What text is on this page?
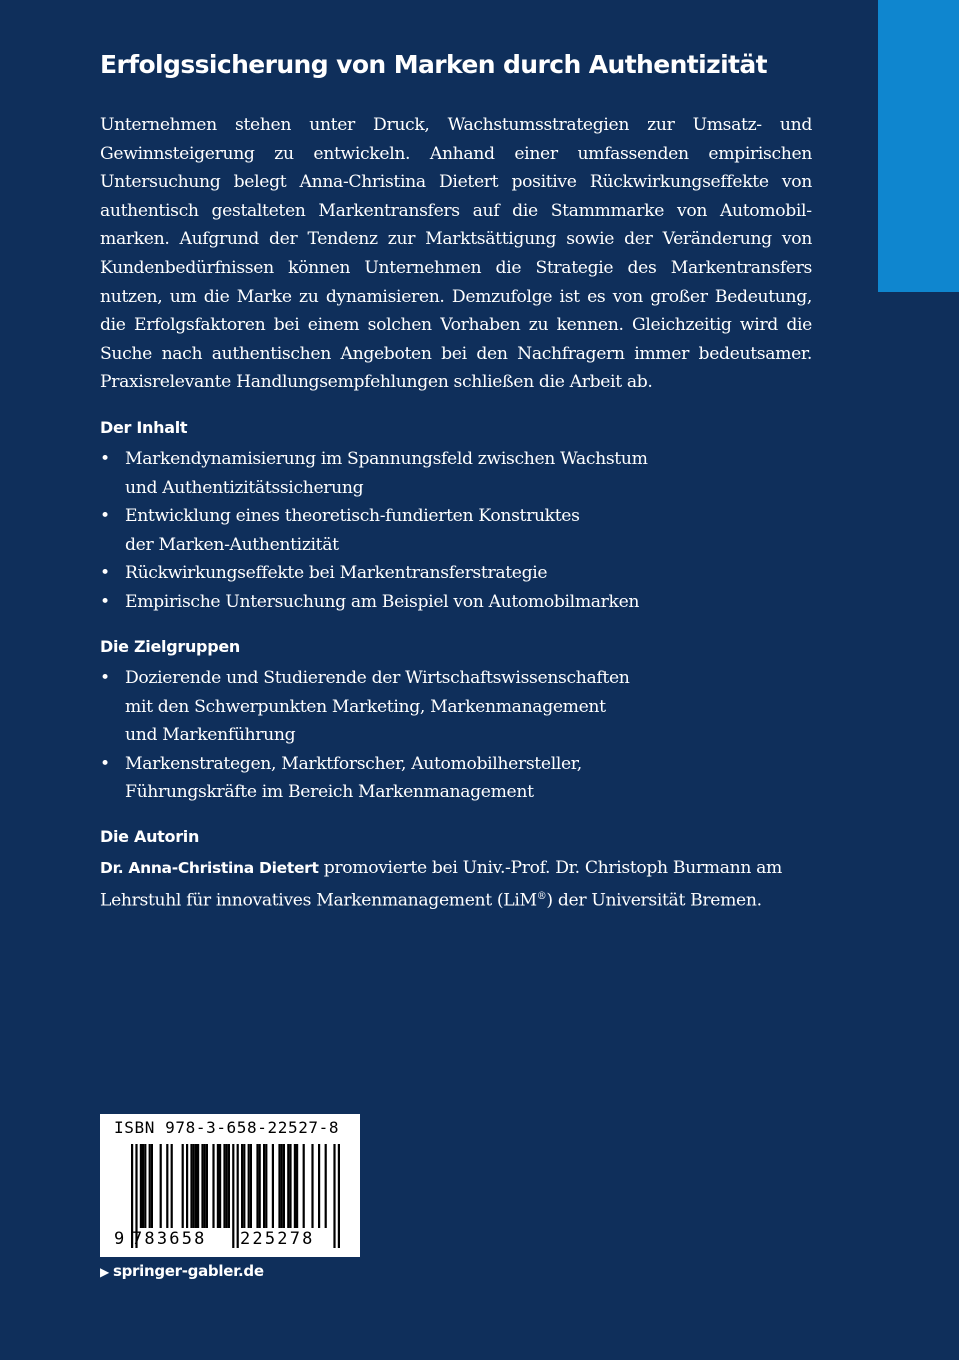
Erfolgssicherung von Marken durch Authentizität

Unternehmen stehen unter Druck, Wachstumsstrategien zur Umsatz- und Gewinnsteigerung zu entwickeln. Anhand einer umfassenden empirischen Untersuchung belegt Anna-Christina Dietert positive Rückwirkungseffekte von authentisch gestalteten Markentransfers auf die Stammmarke von Automobilmarken. Aufgrund der Tendenz zur Marktsättigung sowie der Veränderung von Kundenbedürfnissen können Unternehmen die Strategie des Markentransfers nutzen, um die Marke zu dynamisieren. Demzufolge ist es von großer Bedeutung, die Erfolgsfaktoren bei einem solchen Vorhaben zu kennen. Gleichzeitig wird die Suche nach authentischen Angeboten bei den Nachfragern immer bedeutsamer. Praxisrelevante Handlungsempfehlungen schließen die Arbeit ab.

Der Inhalt
• Markendynamisierung im Spannungsfeld zwischen Wachstum
und Authentizitätssicherung
• Entwicklung eines theoretisch-fundierten Konstruktes
der Marken-Authentizität
• Rückwirkungseffekte bei Markentransferstrategie
• Empirische Untersuchung am Beispiel von Automobilmarken
Die Zielgruppen
• Dozierende und Studierende der Wirtschaftswissenschaften
mit den Schwerpunkten Marketing, Markenmanagement
und Markenführung
• Markenstrategen, Marktforscher, Automobilhersteller,
Führungskräfte im Bereich Markenmanagement
Die Autorin
Dr. Anna-Christina Dietert promovierte bei Univ.-Prof. Dr. Christoph Burmann am Lehrstuhl für innovatives Markenmanagement (LiM®) der Universität Bremen.
ISBN 978-3-658-22527-8
9 783658	225278
▶ springer-gabler.de
